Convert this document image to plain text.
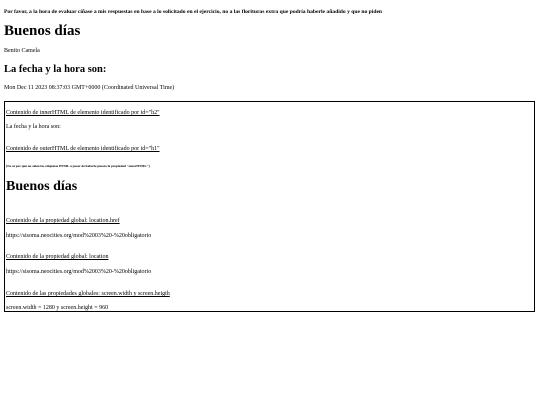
Por favor, a la hora de evaluar cíñase a mis respuestas en base a lo solicitado en el ejercicio, no a las florituras extra que podría haberle añadido y que no piden

Buenos días

Benito Camela

La fecha y la hora son:

Mon Dec 11 2023 08:37:03 GMT+0000 (Coordinated Universal Time)

Contenido de innerHTML de elemento identificado por id="h2"

La fecha y la hora son:

Contenido de outerHTML de elemento identificado por id="h1"

(No sé por qué no salen las etiquetas HTML a pesar de haberle puesto la propiedad "outerHTML")

Buenos días

Contenido de la propiedad global: location.href

https://sisoma.neocities.org/mod%2003%20-%20obligatorio

Contenido de la propiedad global: location

https://sisoma.neocities.org/mod%2003%20-%20obligatorio

Contenido de las propiedades globales: screen.width y screen.heigth

screen.width = 1280 y screen.height = 960
